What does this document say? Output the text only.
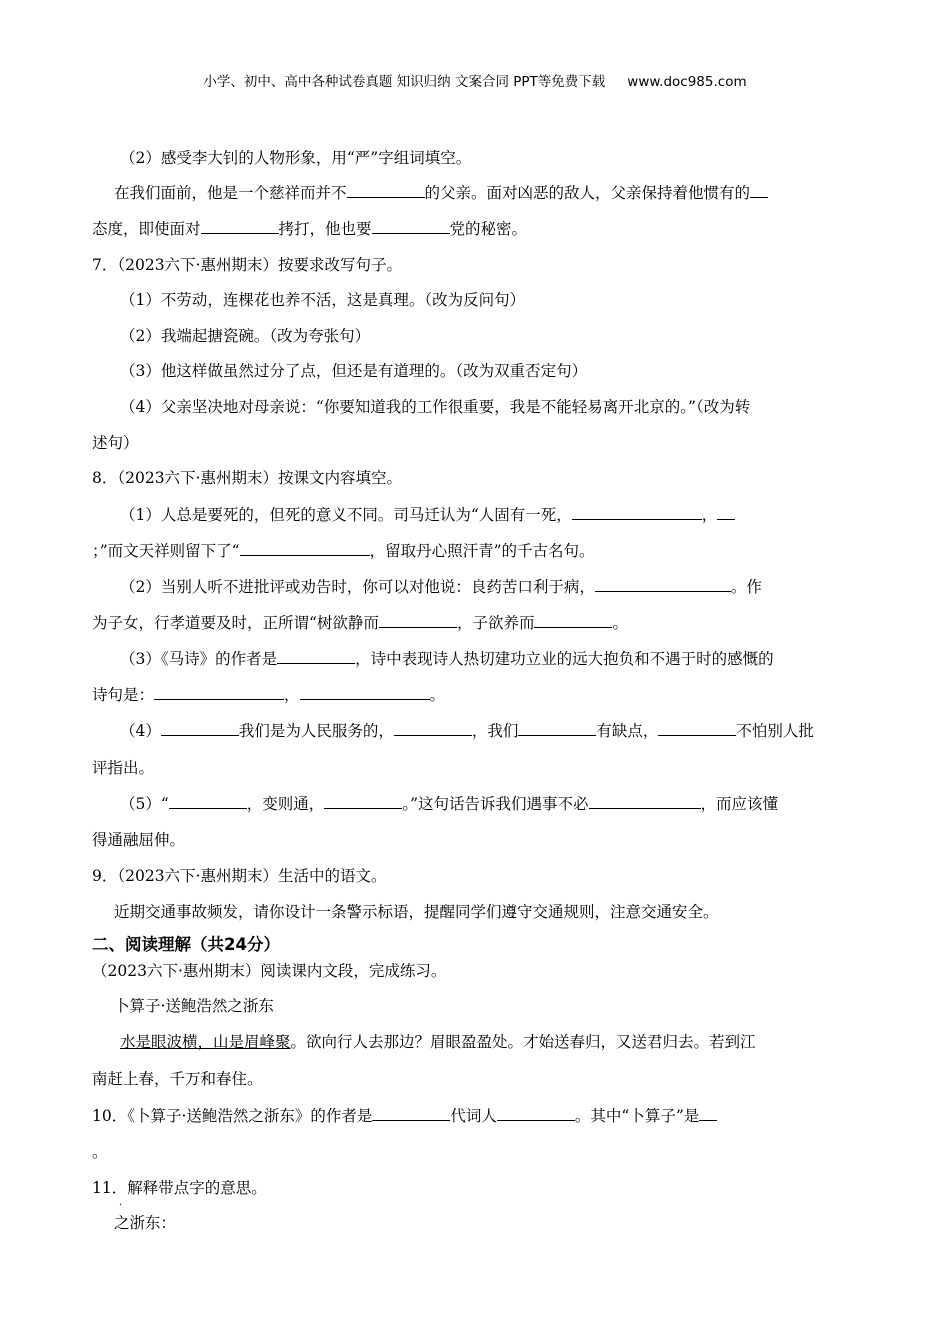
小学、初中、高中各种试卷真题 知识归纳 文案合同 PPT等免费下载 www.doc985.com
（2）感受李大钊的人物形象，用“严”字组词填空。
在我们面前，他是一个慈祥而并不	的父亲。面对凶恶的敌人，父亲保持着他惯有的
态度，即使面对	拷打，他也要	党的秘密。
7．（2023六下·惠州期末）按要求改写句子。
（1）不劳动，连棵花也养不活，这是真理。（改为反问句）
（2）我端起搪瓷碗。（改为夸张句）
（3）他这样做虽然过分了点，但还是有道理的。（改为双重否定句）
（4）父亲坚决地对母亲说：“你要知道我的工作很重要，我是不能轻易离开北京的。”（改为转
述句）
8．（2023六下·惠州期末）按课文内容填空。
（1）人总是要死的，但死的意义不同。司马迁认为“人固有一死，	，
；”而文天祥则留下了“	，留取丹心照汗青”的千古名句。
（2）当别人听不进批评或劝告时，你可以对他说：良药苦口利于病，	。作
为子女，行孝道要及时，正所谓“树欲静而	，子欲养而	。
（3）《马诗》的作者是	，诗中表现诗人热切建功立业的远大抱负和不遇于时的感慨的
诗句是：	，	。
（4）	我们是为人民服务的，	，我们	有缺点，	不怕别人批
评指出。
（5）“	，变则通，	。”这句话告诉我们遇事不必	，而应该懂
得通融屈伸。
9．（2023六下·惠州期末）生活中的语文。
近期交通事故频发，请你设计一条警示标语，提醒同学们遵守交通规则，注意交通安全。
二、阅读理解（共24分）
（2023六下·惠州期末）阅读课内文段，完成练习。
卜算子·送鲍浩然之浙东
水是眼波横，山是眉峰聚。欲向行人去那边？眉眼盈盈处。才始送春归，又送君归去。若到江
南赶上春，千万和春住。
10．《卜算子·送鲍浩然之浙东》的作者是	代词人	。其中“卜算子”是
。
11．解释带点字的意思。
·
之浙东：
